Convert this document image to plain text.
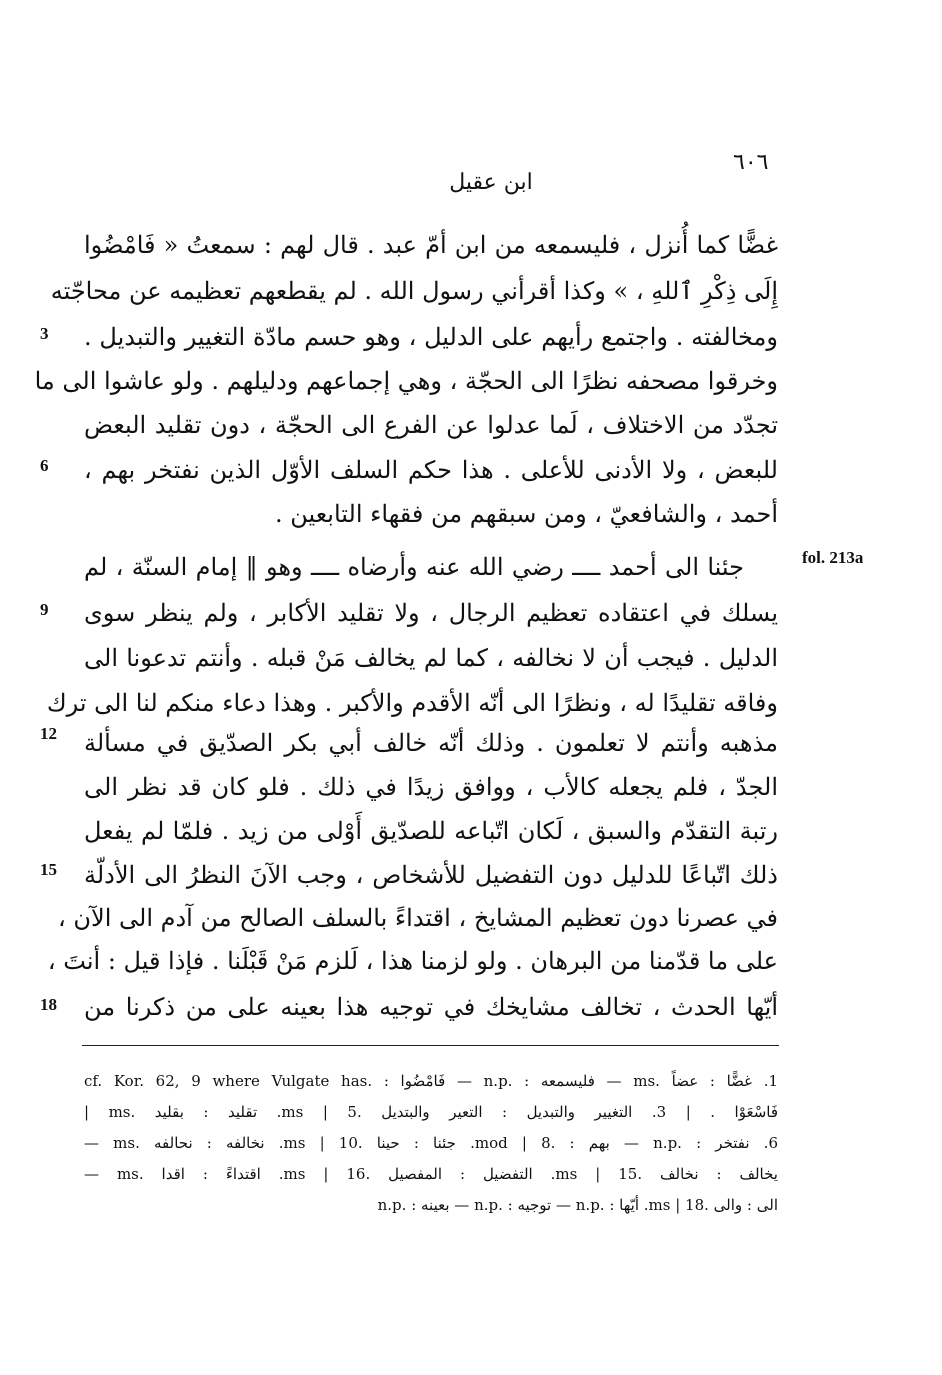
٦٠٦
ابن عقيل
غضًّا كما أُنزل ، فليسمعه من ابن أمّ عبد . قال لهم : سمعتُ « فَامْضُوا
إِلَى ذِكْرِ ٱللهِ ، » وكذا أقرأني رسول الله . لم يقطعهم تعظيمه عن محاجّته
ومخالفته . واجتمع رأيهم على الدليل ، وهو حسم مادّة التغيير والتبديل .
وخرقوا مصحفه نظرًا الى الحجّة ، وهي إجماعهم ودليلهم . ولو عاشوا الى ما
تجدّد من الاختلاف ، لَما عدلوا عن الفرع الى الحجّة ، دون تقليد البعض
للبعض ، ولا الأدنى للأعلى . هذا حكم السلف الأوّل الذين نفتخر بهم ،
أحمد ، والشافعيّ ، ومن سبقهم من فقهاء التابعين .
جئنا الى أحمد ــــ رضي الله عنه وأرضاه ــــ وهو ‖ إمام السنّة ، لم
يسلك في اعتقاده تعظيم الرجال ، ولا تقليد الأكابر ، ولم ينظر سوى
الدليل . فيجب أن لا نخالفه ، كما لم يخالف مَنْ قبله . وأنتم تدعونا الى
وفاقه تقليدًا له ، ونظرًا الى أنّه الأقدم والأكبر . وهذا دعاء منكم لنا الى ترك
مذهبه وأنتم لا تعلمون . وذلك أنّه خالف أبي بكر الصدّيق في مسألة
الجدّ ، فلم يجعله كالأب ، ووافق زيدًا في ذلك . فلو كان قد نظر الى
رتبة التقدّم والسبق ، لَكان اتّباعه للصدّيق أَوْلى من زيد . فلمّا لم يفعل
ذلك اتّباعًا للدليل دون التفضيل للأشخاص ، وجب الآنَ النظرُ الى الأدلّة
في عصرنا دون تعظيم المشايخ ، اقتداءً بالسلف الصالح من آدم الى الآن ،
على ما قدّمنا من البرهان . ولو لزمنا هذا ، لَلزم مَنْ قَبْلَنا . فإذا قيل : أنتَ ،
أيّها الحدث ، تخالف مشايخك في توجيه هذا بعينه على من ذكرنا من
3
6
9
12
15
18
fol. 213a
1. غضًّا : عضاً .ms — فليسمعه : .n.p — فَامْضُوا : .cf. Kor. 62, 9 where Vulgate has
فَاسْعَوْا . | 3. التغيير والتبديل : التعير والبتديل .ms | 5. تقليد : بقليد .ms |
6. نفتخر : .n.p — بهم : .mod | 8. جئنا : حينا .ms | 10. نخالفه : نحالفه .ms —
يخالف : نخالف .ms | 15. التفضيل : المفصيل .ms | 16. اقتداءً : اقدا .ms —
الى : والى .ms | 18. أيّها : .n.p — توجيه : .n.p — بعينه : .n.p
